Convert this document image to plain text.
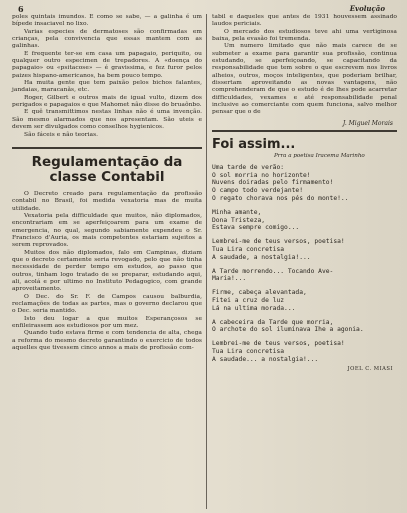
6	Evolução

poles quintais imundos. E como se sabe, — a galinha é um bípede insaciavel no lixo.

Varias especies de dermatoses são confirmadas em crianças, pela convivencia que essas mantem com as galinhas.

E frequente ter-se em casa um papagaio, periquito, ou qualquer outro especimen de trepadores. A «doença do papagaio» ou «psitacose» — é gravissima, e fez furor pelos paizes hispano-americanos, ha bem pouco tempo.

Ha muita gente que tem paixão pelos bichos falantes, jandaias, maracanãs, etc.

Roger, Gilbert e outros mais de igual vulto, dizem dos perigados e papagaios e que Mahomet não disse do bruaônbo.

E quê transmittimos nestas linhas não é uma invenção. São mesmo alarmados que nos apresentam. São uteis e devem ser divulgados como conselhos hygienicos.

São fáceis e não teorias.

Regulamentação da classe Contabil

O Decreto creado para regulamentação da profissão contabil no Brasil, foi medida vexatoria mas de muita utilidade.

Vexatoria pela difficuldade que muitos, não diplomados, encontrariam em se aperfeiçoarem para um exame de emergencia, no qual, segundo sabiamente expendeu o Sr. Francisco d'Auria, os mais competentes estariam sujeitos a serem reprovados.

Muitos dos não diplomados, falo em Campinas, diziam que o decreto certamente seria revogado, pelo que não tinha necessidade de perder tempo em estudos, ao passo que outros, tinham logo tratado de se preparar, estudando aqui, ali, acolá e por ultimo no Instituto Pedagogico, com grande aproveitamento.

O Dec. do Sr. F. de Campos causou balburdia, reclamações de todas as partes, mas o governo declarou que o Dec. seria mantido.

Isto deu logar a que muitos Esperançosos se enfileirassem aos estudiosos por um mez.

Quando tudo estava firme e com tendencia de alta, chega a reforma do mesmo decreto garantindo o exercicio de todos aquelles que tivessem cinco annos a mais de profissão com-

tabil e daqueles que antes de 1931 houvessem assinado laudos periciais.

O mercado dos estudiosos teve ahi uma vertiginosa baixa, pela evasão foi tremenda.

Um numero limitado que não mais carece de se submeter a exame para garantir sua profissão, continua estudando, se aperfeiçoando, se capacitando da responsabilidade que tem sobre o que escrevem nos livros alheios, outros, moços inteligentes, que poderiam brilhar, dissertam aproveitando as novas vantagens, não comprehenderam de que o estudo é de lhes pode acarretar difficuldades, vexames e até responsabilidade penal inclusive ao comerciante com quem funciona, salvo melhor pensar que o de

J. Miguel Morais
Foi assim...
Prra a poetisa Iracema Marinho

Uma tarde de verão:

O sol morria no horizonte!

Nuvens doiradas pelo firmamento!

O campo todo verdejante!

O regato chorava nos pés do monte!..

Minha amante,

Dona Tristeza,

Estava sempre comigo...

Lembrei-me de teus versos, poetisa!

Tua Lira concretisa

A saudade, a nostalgia!...

A Tarde morrendo... Tocando Ave-

Maria!...

Firme, cabeça alevantada,

Fitei a cruz de luz

Lá na ultima morada...

A cabeceira da Tarde que morria,

O archote do sol iluminava Ihe a agonia.

Lembrei-me de teus versos, poetisa!

Tua Lira concretisa

A saudade... a nostalgia!...

JOEL C. MIASI
